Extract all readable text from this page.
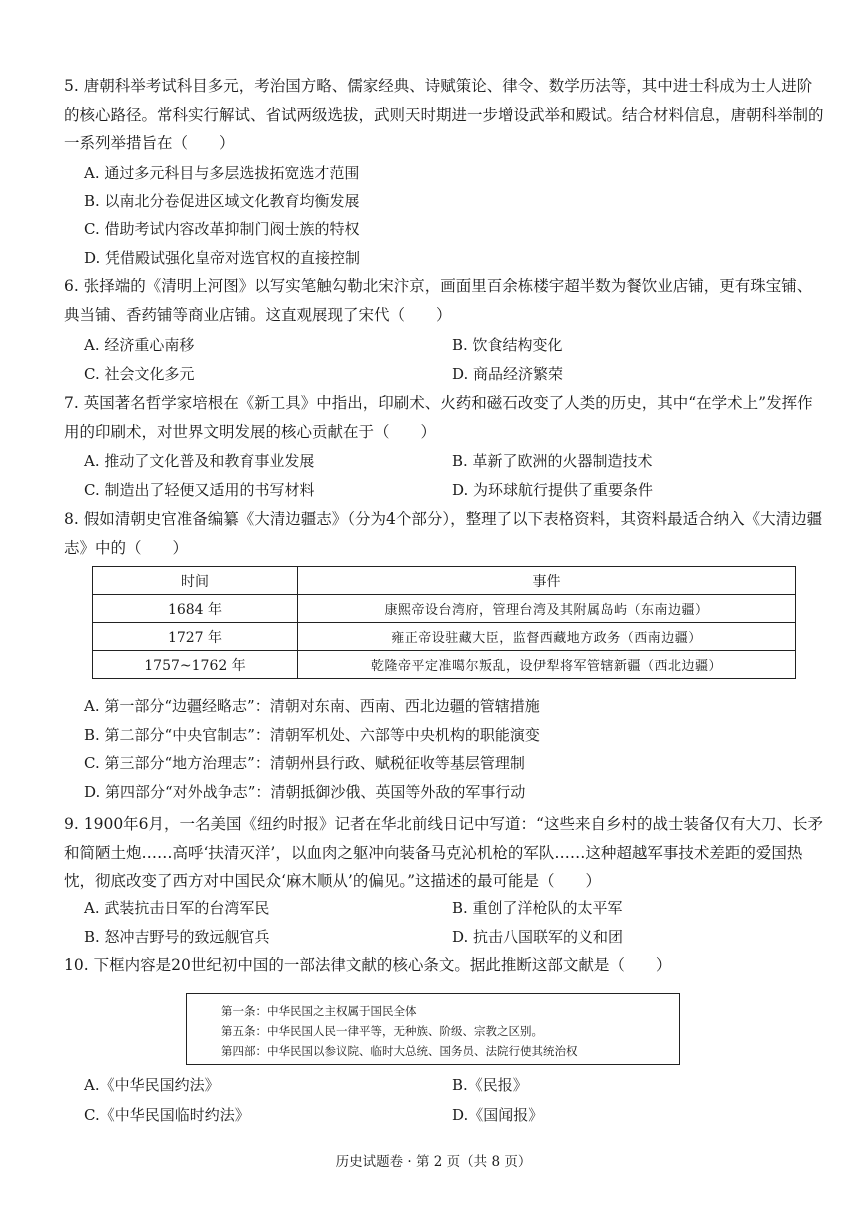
5. 唐朝科举考试科目多元，考治国方略、儒家经典、诗赋策论、律令、数学历法等，其中进士科成为士人进阶的核心路径。常科实行解试、省试两级选拔，武则天时期进一步增设武举和殿试。结合材料信息，唐朝科举制的一系列举措旨在（　　）
A. 通过多元科目与多层选拔拓宽选才范围
B. 以南北分卷促进区域文化教育均衡发展
C. 借助考试内容改革抑制门阀士族的特权
D. 凭借殿试强化皇帝对选官权的直接控制
6. 张择端的《清明上河图》以写实笔触勾勒北宋汴京，画面里百余栋楼宇超半数为餐饮业店铺，更有珠宝铺、典当铺、香药铺等商业店铺。这直观展现了宋代（　　）
A. 经济重心南移	B. 饮食结构变化
C. 社会文化多元	D. 商品经济繁荣
7. 英国著名哲学家培根在《新工具》中指出，印刷术、火药和磁石改变了人类的历史，其中“在学术上”发挥作用的印刷术，对世界文明发展的核心贡献在于（　　）
A. 推动了文化普及和教育事业发展	B. 革新了欧洲的火器制造技术
C. 制造出了轻便又适用的书写材料	D. 为环球航行提供了重要条件
8. 假如清朝史官准备编纂《大清边疆志》（分为4个部分），整理了以下表格资料，其资料最适合纳入《大清边疆志》中的（　　）
时间	事件
1684 年	康熙帝设台湾府，管理台湾及其附属岛屿（东南边疆）
1727 年	雍正帝设驻藏大臣，监督西藏地方政务（西南边疆）
1757~1762 年	乾隆帝平定准噶尔叛乱，设伊犁将军管辖新疆（西北边疆）
A. 第一部分“边疆经略志”：清朝对东南、西南、西北边疆的管辖措施
B. 第二部分“中央官制志”：清朝军机处、六部等中央机构的职能演变
C. 第三部分“地方治理志”：清朝州县行政、赋税征收等基层管理制
D. 第四部分“对外战争志”：清朝抵御沙俄、英国等外敌的军事行动
9. 1900年6月，一名美国《纽约时报》记者在华北前线日记中写道：“这些来自乡村的战士装备仅有大刀、长矛和简陋土炮……高呼‘扶清灭洋’，以血肉之躯冲向装备马克沁机枪的军队……这种超越军事技术差距的爱国热忱，彻底改变了西方对中国民众‘麻木顺从’的偏见。”这描述的最可能是（　　）
A. 武装抗击日军的台湾军民	B. 重创了洋枪队的太平军
B. 怒冲吉野号的致远舰官兵	D. 抗击八国联军的义和团
10. 下框内容是20世纪初中国的一部法律文献的核心条文。据此推断这部文献是（　　）
第一条：中华民国之主权属于国民全体
第五条：中华民国人民一律平等，无种族、阶级、宗教之区别。
第四部：中华民国以参议院、临时大总统、国务员、法院行使其统治权
A.《中华民国约法》	B.《民报》
C.《中华民国临时约法》	D.《国闻报》
历史试题卷 · 第 2 页（共 8 页）
